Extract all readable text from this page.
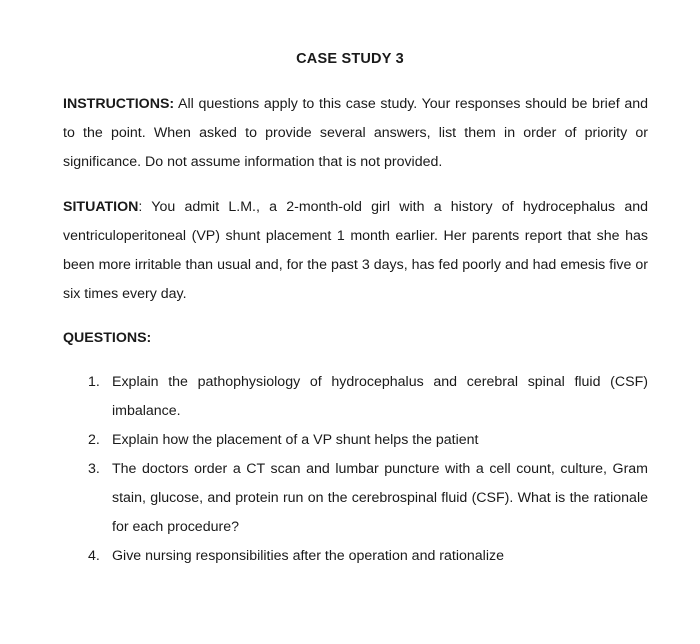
CASE STUDY 3

INSTRUCTIONS: All questions apply to this case study. Your responses should be brief and to the point. When asked to provide several answers, list them in order of priority or significance. Do not assume information that is not provided.

SITUATION: You admit L.M., a 2-month-old girl with a history of hydrocephalus and ventriculoperitoneal (VP) shunt placement 1 month earlier. Her parents report that she has been more irritable than usual and, for the past 3 days, has fed poorly and had emesis five or six times every day.

QUESTIONS:
1. Explain the pathophysiology of hydrocephalus and cerebral spinal fluid (CSF) imbalance.
2. Explain how the placement of a VP shunt helps the patient
3. The doctors order a CT scan and lumbar puncture with a cell count, culture, Gram stain, glucose, and protein run on the cerebrospinal fluid (CSF). What is the rationale for each procedure?
4. Give nursing responsibilities after the operation and rationalize
